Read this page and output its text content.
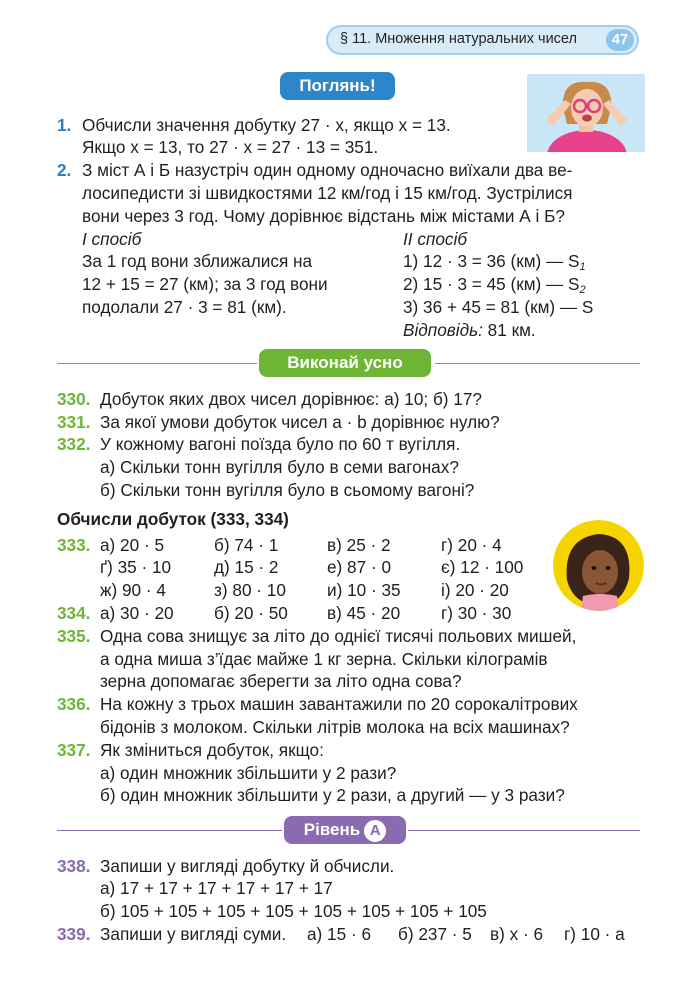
§ 11. Множення натуральних чисел	47
Поглянь!
1. Обчисли значення добутку 27 · x, якщо x = 13.
Якщо x = 13, то 27 · x = 27 · 13 = 351.
2. З міст А і Б назустріч один одному одночасно виїхали два ве-
лосипедисти зі швидкостями 12 км/год і 15 км/год. Зустрілися
вони через 3 год. Чому дорівнює відстань між містами А і Б?
І спосіб
За 1 год вони зближалися на
12 + 15 = 27 (км); за 3 год вони
подолали 27 · 3 = 81 (км).
ІІ спосіб
1) 12 · 3 = 36 (км) — $S_1$
2) 15 · 3 = 45 (км) — $S_2$
3) 36 + 45 = 81 (км) — S
Відповідь: 81 км.
Виконай усно
330. Добуток яких двох чисел дорівнює: а) 10; б) 17?
331. За якої умови добуток чисел a · b дорівнює нулю?
332. У кожному вагоні поїзда було по 60 т вугілля.
а) Скільки тонн вугілля було в семи вагонах?
б) Скільки тонн вугілля було в сьомому вагоні?
Обчисли добуток (333, 334)
333. а) 20 · 5	б) 74 · 1	в) 25 · 2	г) 20 · 4
ґ) 35 · 10 д) 15 · 2	е) 87 · 0	є) 12 · 100
ж) 90 · 4	з) 80 · 10 и) 10 · 35 і) 20 · 20
334. а) 30 · 20 б) 20 · 50 в) 45 · 20 г) 30 · 30
335. Одна сова знищує за літо до однієї тисячі польових мишей,
а одна миша з’їдає майже 1 кг зерна. Скільки кілограмів
зерна допомагає зберегти за літо одна сова?
336. На кожну з трьох машин завантажили по 20 сорокалітрових
бідонів з молоком. Скільки літрів молока на всіх машинах?
337. Як зміниться добуток, якщо:
а) один множник збільшити у 2 рази?
б) один множник збільшити у 2 рази, а другий — у 3 рази?
Рівень A
338. Запиши у вигляді добутку й обчисли.
а) 17 + 17 + 17 + 17 + 17 + 17
б) 105 + 105 + 105 + 105 + 105 + 105 + 105 + 105
339. Запиши у вигляді суми. а) 15 · 6 б) 237 · 5 в) x · 6 г) 10 · a
